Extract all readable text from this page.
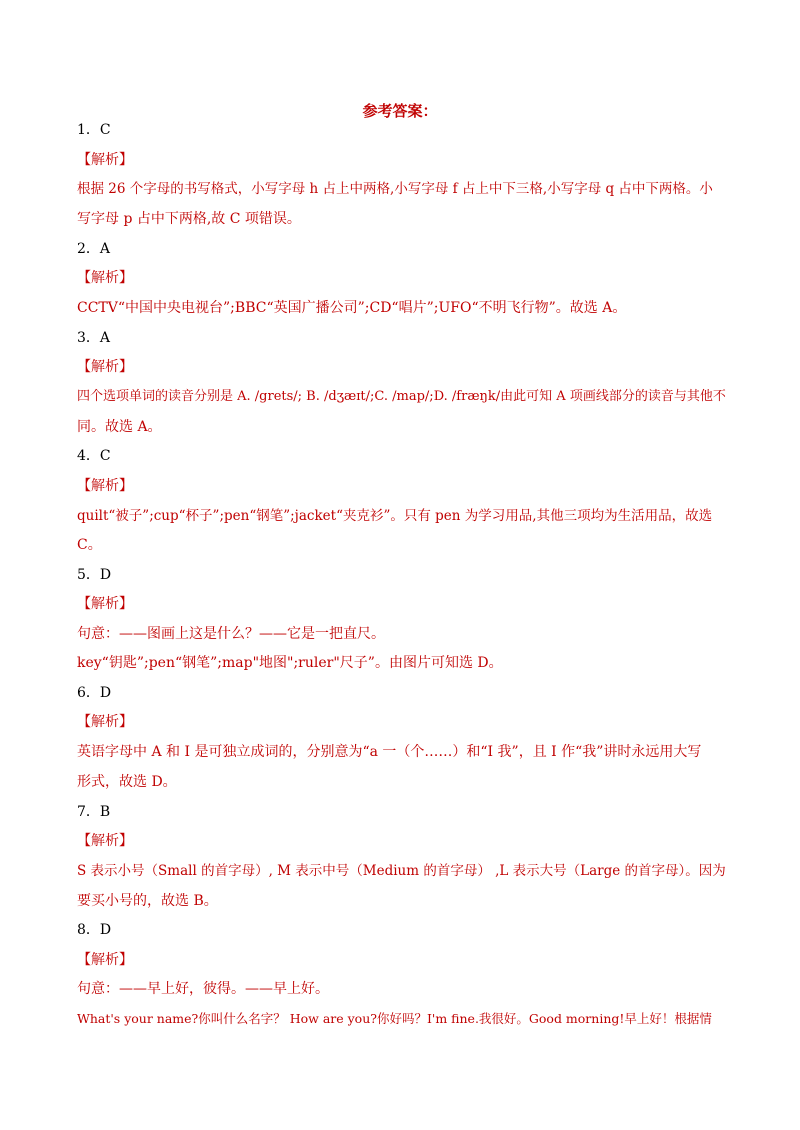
参考答案：
1．C
【解析】
根据 26 个字母的书写格式，小写字母 h 占上中两格,小写字母 f 占上中下三格,小写字母 q 占中下两格。小
写字母 p 占中下两格,故 C 项错误。
2．A
【解析】
CCTV“中国中央电视台”;BBC“英国广播公司”;CD“唱片”;UFO“不明飞行物”。故选 A。
3．A
【解析】
四个选项单词的读音分别是 A. /grets/; B. /dʒæɪt/;C. /map/;D. /fræŋk/由此可知 A 项画线部分的读音与其他不
同。故选 A。
4．C
【解析】
quilt“被子”;cup“杯子”;pen“钢笔”;jacket“夹克衫”。只有 pen 为学习用品,其他三项均为生活用品，故选
C。
5．D
【解析】
句意：——图画上这是什么？——它是一把直尺。
key“钥匙”;pen“钢笔”;map"地图";ruler"尺子”。由图片可知选 D。
6．D
【解析】
英语字母中 A 和 I 是可独立成词的，分别意为“a 一（个……）和“I 我”，且 I 作“我”讲时永远用大写
形式，故选 D。
7．B
【解析】
S 表示小号（Small 的首字母）, M 表示中号（Medium 的首字母） ,L 表示大号（Large 的首字母）。因为
要买小号的，故选 B。
8．D
【解析】
句意：——早上好，彼得。——早上好。
What's your name?你叫什么名字？ How are you?你好吗？I'm fine.我很好。Good morning!早上好！根据情
